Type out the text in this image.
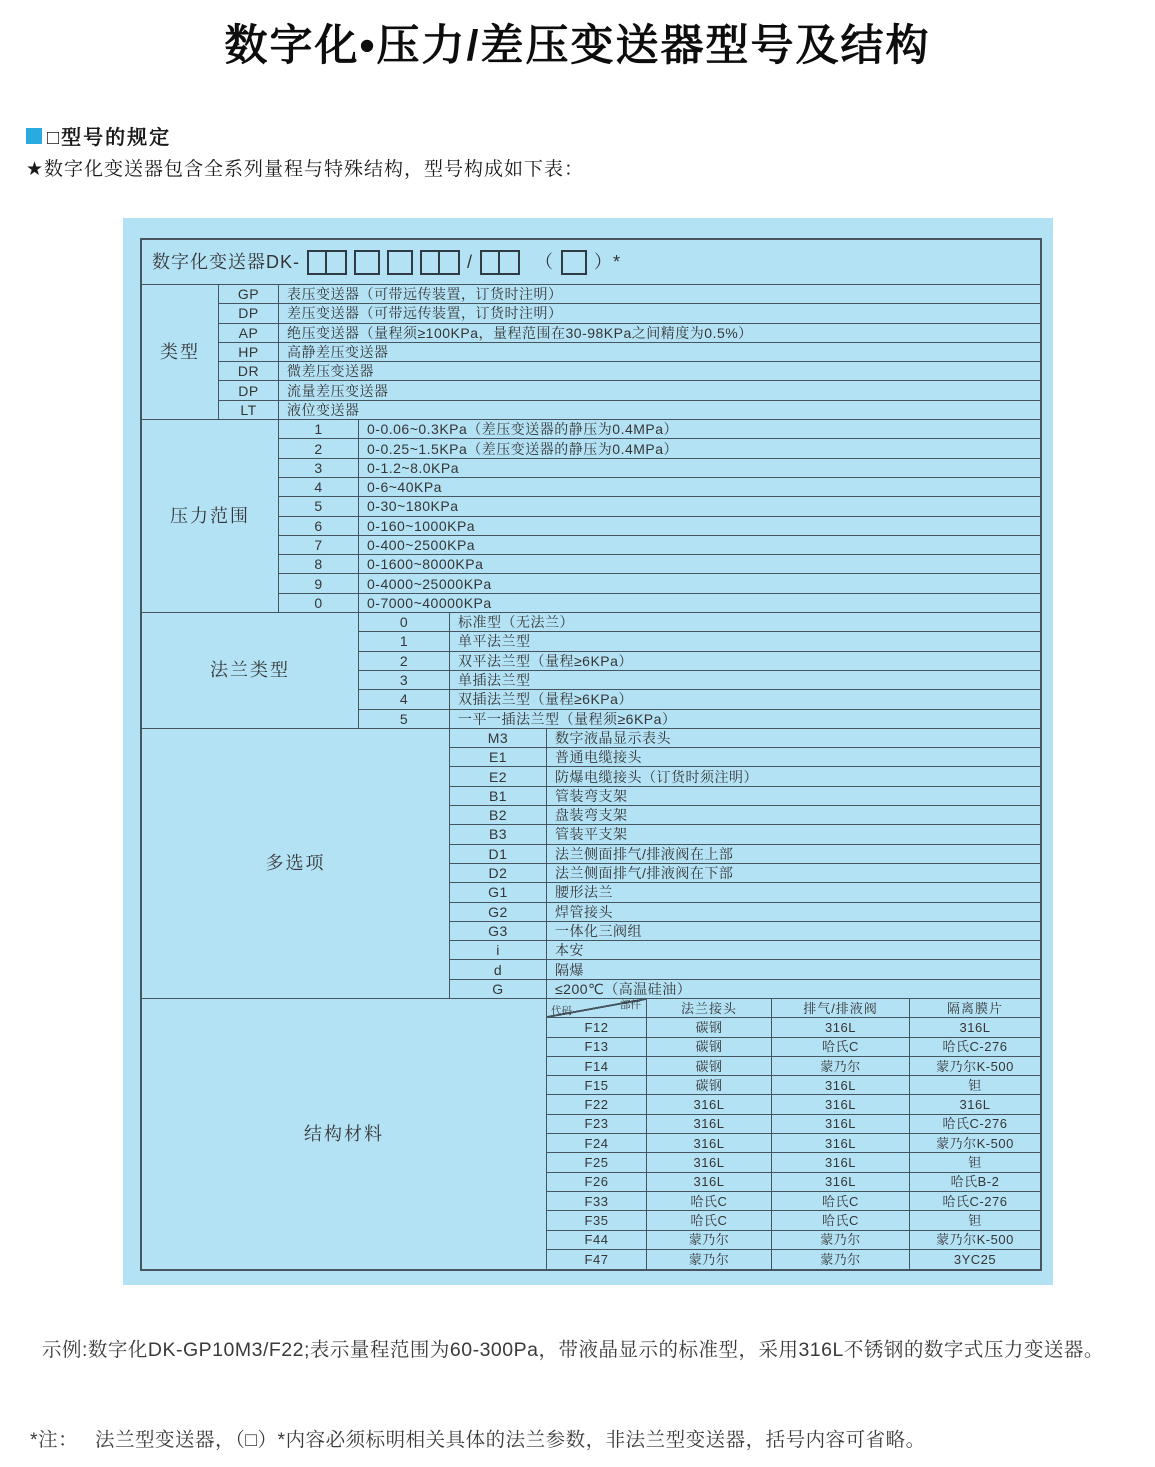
数字化•压力/差压变送器型号及结构
□型号的规定
★数字化变送器包含全系列量程与特殊结构，型号构成如下表：
数字化变送器DK-	/	（ ）*
类型
GP	表压变送器（可带远传装置，订货时注明）
DP	差压变送器（可带远传装置，订货时注明）
AP	绝压变送器（量程须≥100KPa，量程范围在30-98KPa之间精度为0.5%）
HP	高静差压变送器
DR	微差压变送器
DP	流量差压变送器
LT	液位变送器
压力范围
1	0-0.06~0.3KPa（差压变送器的静压为0.4MPa）
2	0-0.25~1.5KPa（差压变送器的静压为0.4MPa）
3	0-1.2~8.0KPa
4	0-6~40KPa
5	0-30~180KPa
6	0-160~1000KPa
7	0-400~2500KPa
8	0-1600~8000KPa
9	0-4000~25000KPa
0	0-7000~40000KPa
法兰类型
0	标准型（无法兰）
1	单平法兰型
2	双平法兰型（量程≥6KPa）
3	单插法兰型
4	双插法兰型（量程≥6KPa）
5	一平一插法兰型（量程须≥6KPa）
多选项
M3	数字液晶显示表头
E1	普通电缆接头
E2	防爆电缆接头（订货时须注明）
B1	管装弯支架
B2	盘装弯支架
B3	管装平支架
D1	法兰侧面排气/排液阀在上部
D2	法兰侧面排气/排液阀在下部
G1	腰形法兰
G2	焊管接头
G3	一体化三阀组
i	本安
d	隔爆
G	≤200℃（高温硅油）
结构材料
部件
代码	法兰接头	排气/排液阀	隔离膜片
F12	碳钢	316L	316L
F13	碳钢	哈氏C	哈氏C-276
F14	碳钢	蒙乃尔	蒙乃尔K-500
F15	碳钢	316L	钽
F22	316L	316L	316L
F23	316L	316L	哈氏C-276
F24	316L	316L	蒙乃尔K-500
F25	316L	316L	钽
F26	316L	316L	哈氏B-2
F33	哈氏C	哈氏C	哈氏C-276
F35	哈氏C	哈氏C	钽
F44	蒙乃尔	蒙乃尔	蒙乃尔K-500
F47	蒙乃尔	蒙乃尔	3YC25

示例:数字化DK-GP10M3/F22;表示量程范围为60-300Pa，带液晶显示的标准型，采用316L不锈钢的数字式压力变送器。

*注： 法兰型变送器，（□）*内容必须标明相关具体的法兰参数，非法兰型变送器，括号内容可省略。
